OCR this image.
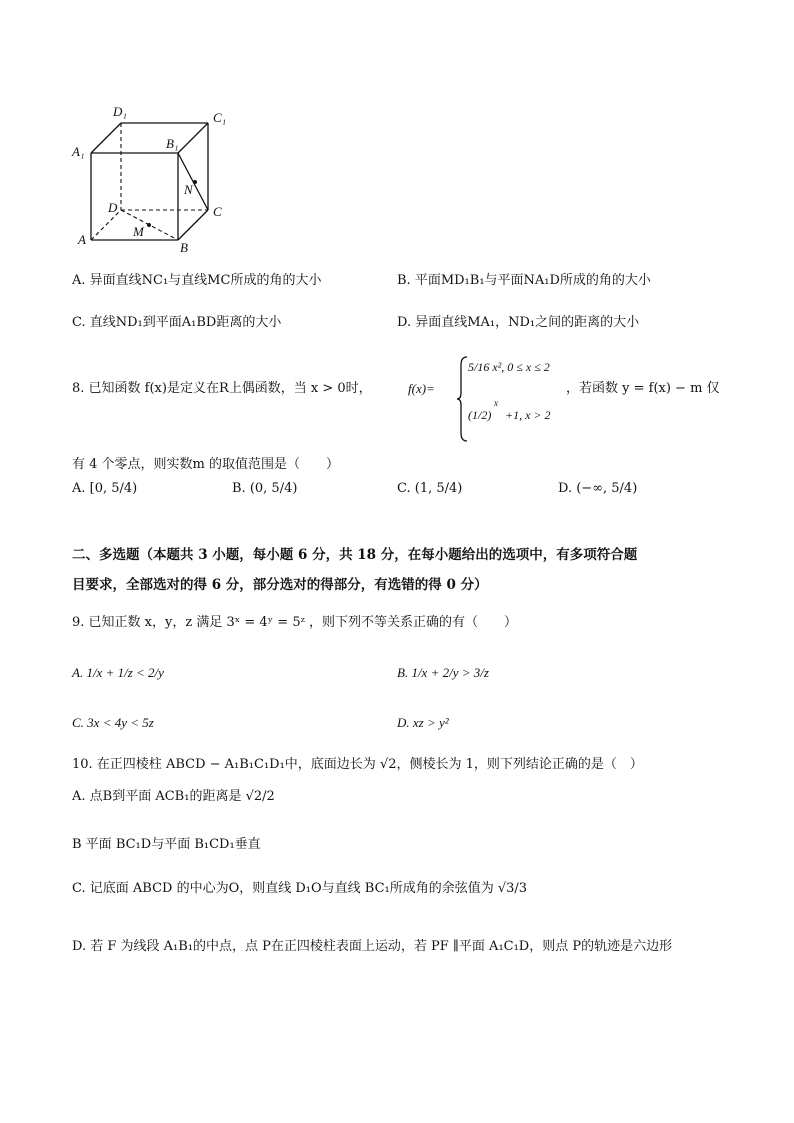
D₁	C₁
A₁
B₁
N
D	C
A
M
B
A. 异面直线NC₁与直线MC所成的角的大小	B. 平面MD₁B₁与平面NA₁D所成的角的大小
C. 直线ND₁到平面A₁BD距离的大小	D. 异面直线MA₁，ND₁之间的距离的大小
8. 已知函数 f(x)是定义在R上偶函数，当 x > 0时，	f(x)=
5/16 x², 0 ≤ x ≤ 2
(1/2)
x
+1, x > 2
，若函数 y = f(x) − m 仅
有 4 个零点，则实数m 的取值范围是（　　）
A. [0, 5/4)	B. (0, 5/4)	C. (1, 5/4)	D. (−∞, 5/4)
二、多选题（本题共 3 小题，每小题 6 分，共 18 分，在每小题给出的选项中，有多项符合题
目要求，全部选对的得 6 分，部分选对的得部分，有选错的得 0 分）
9. 已知正数 x，y，z 满足 3ˣ = 4ʸ = 5ᶻ ，则下列不等关系正确的有（　　）
A. 1/x + 1/z < 2/y	B. 1/x + 2/y > 3/z
C. 3x < 4y < 5z	D. xz > y²
10. 在正四棱柱 ABCD − A₁B₁C₁D₁中，底面边长为 √2，侧棱长为 1，则下列结论正确的是（　）
A. 点B到平面 ACB₁的距离是 √2/2
B 平面 BC₁D与平面 B₁CD₁垂直
C. 记底面 ABCD 的中心为O，则直线 D₁O与直线 BC₁所成角的余弦值为 √3/3
D. 若 F 为线段 A₁B₁的中点，点 P在正四棱柱表面上运动，若 PF ∥平面 A₁C₁D，则点 P的轨迹是六边形
